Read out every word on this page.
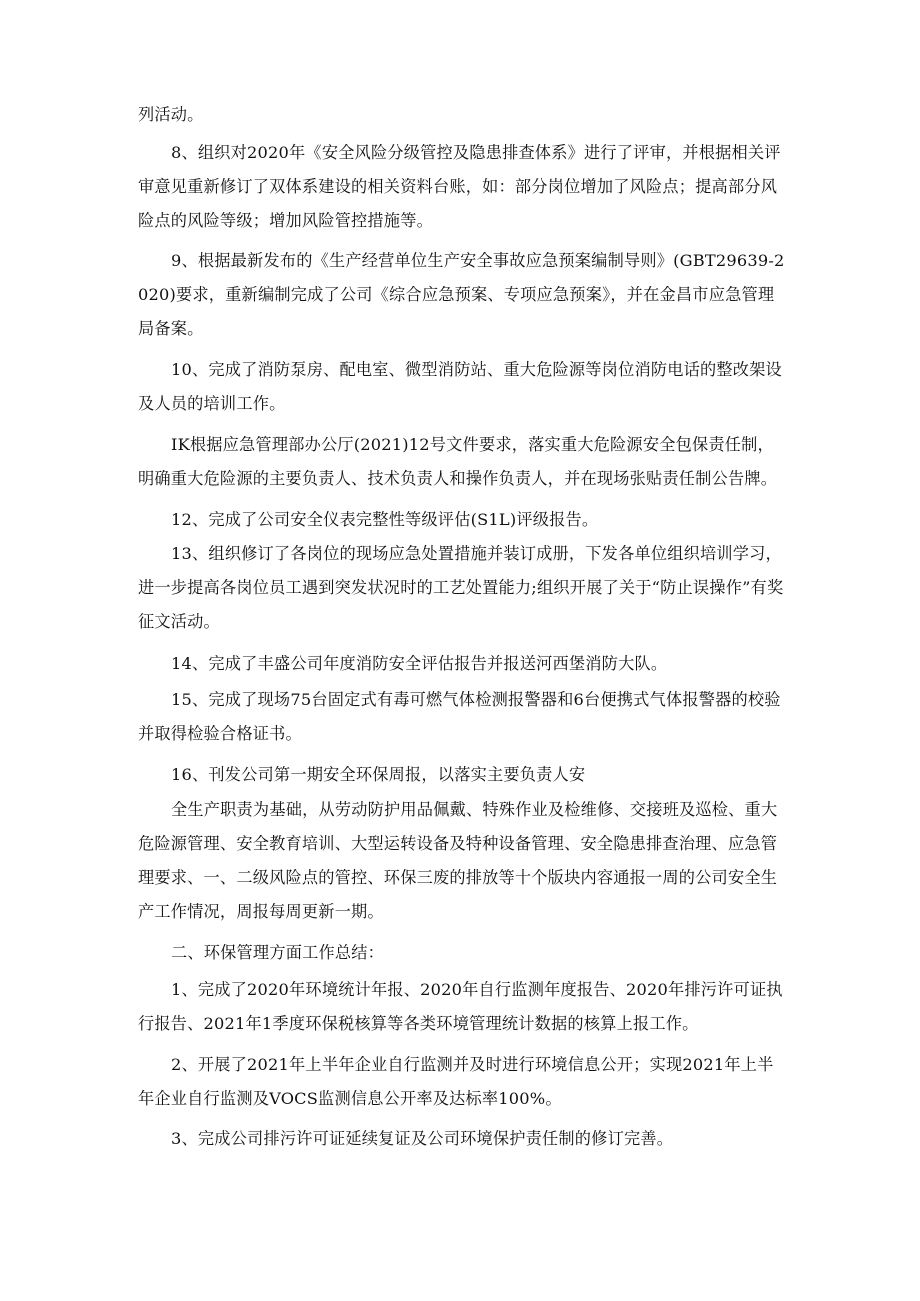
列活动。

8、组织对2020年《安全风险分级管控及隐患排查体系》进行了评审，并根据相关评审意见重新修订了双体系建设的相关资料台账，如：部分岗位增加了风险点；提高部分风险点的风险等级；增加风险管控措施等。

9、根据最新发布的《生产经营单位生产安全事故应急预案编制导则》(GBT29639-2020)要求，重新编制完成了公司《综合应急预案、专项应急预案》，并在金昌市应急管理局备案。

10、完成了消防泵房、配电室、微型消防站、重大危险源等岗位消防电话的整改架设及人员的培训工作。

IK根据应急管理部办公厅(2021)12号文件要求，落实重大危险源安全包保责任制，明确重大危险源的主要负责人、技术负责人和操作负责人，并在现场张贴责任制公告牌。

12、完成了公司安全仪表完整性等级评估(S1L)评级报告。

13、组织修订了各岗位的现场应急处置措施并装订成册，下发各单位组织培训学习，进一步提高各岗位员工遇到突发状况时的工艺处置能力;组织开展了关于“防止误操作”有奖征文活动。

14、完成了丰盛公司年度消防安全评估报告并报送河西堡消防大队。

15、完成了现场75台固定式有毒可燃气体检测报警器和6台便携式气体报警器的校验并取得检验合格证书。

16、刊发公司第一期安全环保周报，以落实主要负责人安

全生产职责为基础，从劳动防护用品佩戴、特殊作业及检维修、交接班及巡检、重大危险源管理、安全教育培训、大型运转设备及特种设备管理、安全隐患排查治理、应急管理要求、一、二级风险点的管控、环保三废的排放等十个版块内容通报一周的公司安全生产工作情况，周报每周更新一期。

二、环保管理方面工作总结：

1、完成了2020年环境统计年报、2020年自行监测年度报告、2020年排污许可证执行报告、2021年1季度环保税核算等各类环境管理统计数据的核算上报工作。

2、开展了2021年上半年企业自行监测并及时进行环境信息公开；实现2021年上半年企业自行监测及VOCS监测信息公开率及达标率100%。

3、完成公司排污许可证延续复证及公司环境保护责任制的修订完善。
